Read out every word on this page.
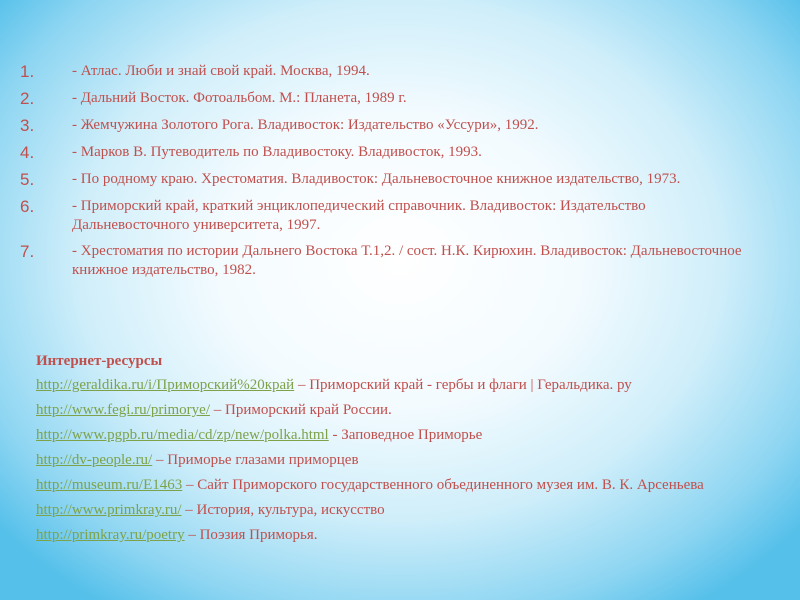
1.	- Атлас. Люби и знай свой край. Москва, 1994.
2.	- Дальний Восток. Фотоальбом. М.: Планета, 1989 г.
3.	- Жемчужина Золотого Рога. Владивосток: Издательство «Уссури», 1992.
4.	- Марков В. Путеводитель по Владивостоку. Владивосток, 1993.
5.	- По родному краю. Хрестоматия. Владивосток: Дальневосточное книжное издательство, 1973.
6.	- Приморский край, краткий энциклопедический справочник. Владивосток: Издательство Дальневосточного университета, 1997.
7.	- Хрестоматия по истории Дальнего Востока Т.1,2. / сост. Н.К. Кирюхин. Владивосток: Дальневосточное книжное издательство, 1982.
Интернет-ресурсы
http://geraldika.ru/i/Приморский%20край – Приморский край - гербы и флаги | Геральдика. ру
http://www.fegi.ru/primorye/ – Приморский край России.
http://www.pgpb.ru/media/cd/zp/new/polka.html - Заповедное Приморье
http://dv-people.ru/ – Приморье глазами приморцев
http://museum.ru/E1463 – Сайт Приморского государственного объединенного музея им. В. К. Арсеньева
http://www.primkray.ru/ – История, культура, искусство
http://primkray.ru/poetry – Поэзия Приморья.
